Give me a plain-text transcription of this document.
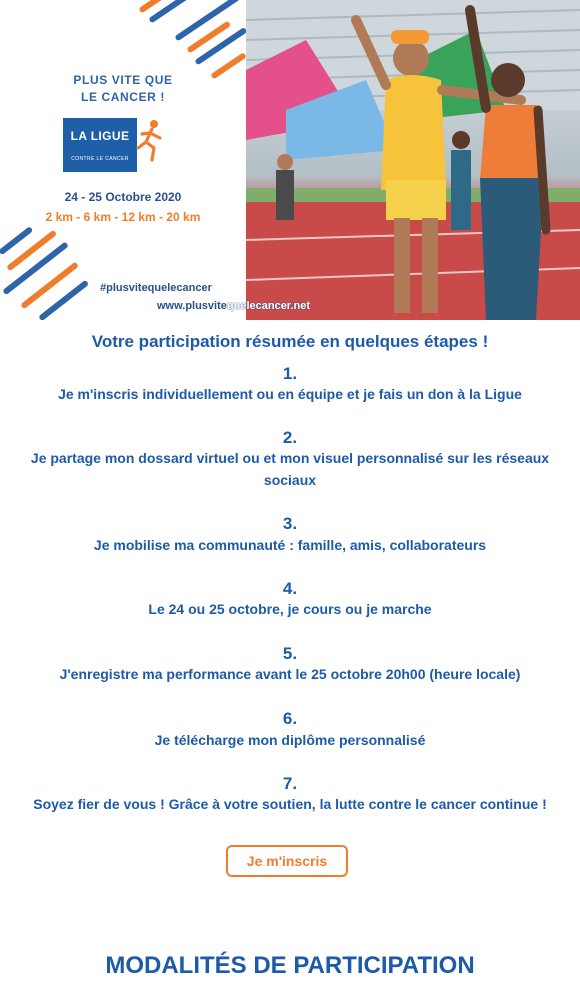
PLUS VITE QUE
LE CANCER !
LA LIGUE
CONTRE LE CANCER
24 - 25 Octobre 2020
2 km - 6 km - 12 km - 20 km
#plusvitequelecancer
www.plusvitequelecancer.net
Votre participation résumée en quelques étapes !
1.
Je m'inscris individuellement ou en équipe et je fais un don à la Ligue
2.
Je partage mon dossard virtuel ou et mon visuel personnalisé sur les réseaux sociaux
3.
Je mobilise ma communauté : famille, amis, collaborateurs
4.
Le 24 ou 25 octobre, je cours ou je marche
5.
J'enregistre ma performance avant le 25 octobre 20h00 (heure locale)
6.
Je télécharge mon diplôme personnalisé
7.
Soyez fier de vous ! Grâce à votre soutien, la lutte contre le cancer continue !
Je m'inscris
MODALITÉS DE PARTICIPATION
